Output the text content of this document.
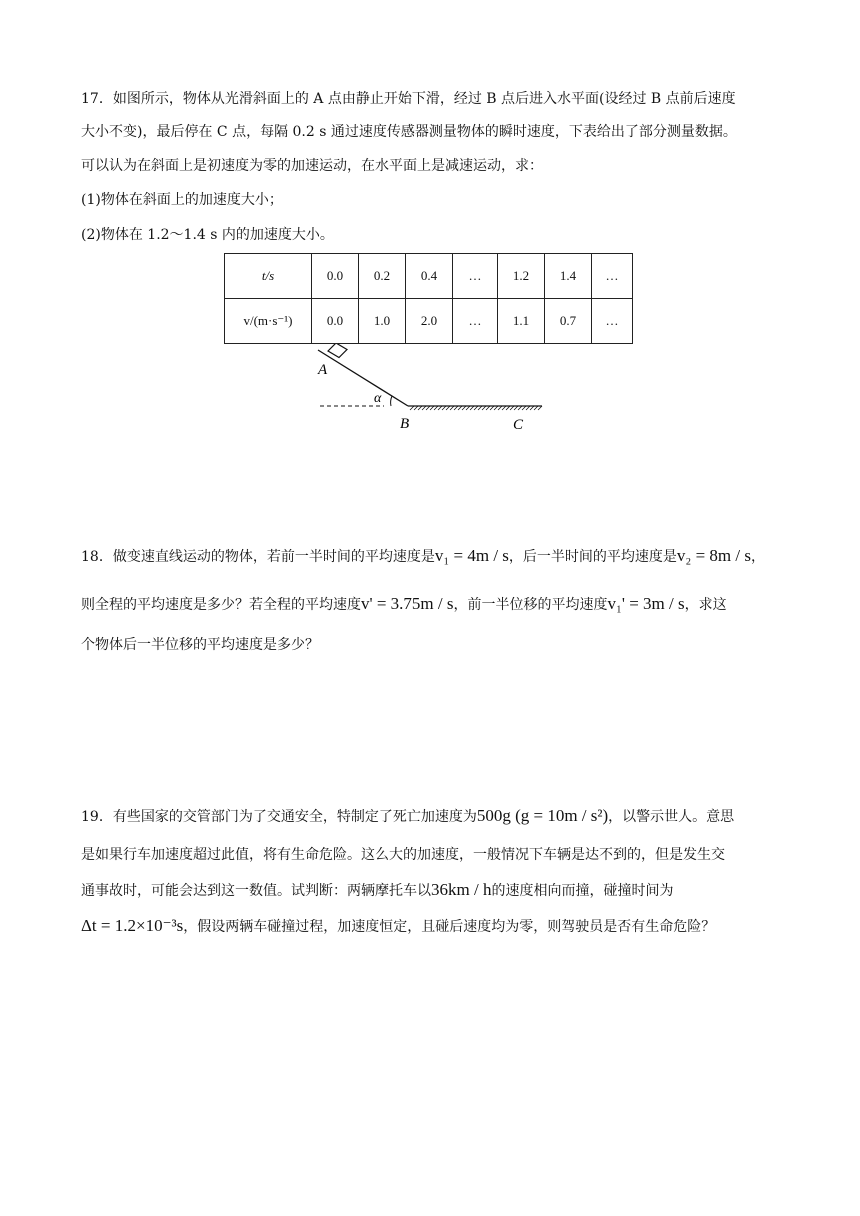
17．如图所示，物体从光滑斜面上的 A 点由静止开始下滑，经过 B 点后进入水平面(设经过 B 点前后速度
大小不变)，最后停在 C 点，每隔 0.2 s 通过速度传感器测量物体的瞬时速度，下表给出了部分测量数据。
可以认为在斜面上是初速度为零的加速运动，在水平面上是减速运动，求：
(1)物体在斜面上的加速度大小；
(2)物体在 1.2～1.4 s 内的加速度大小。
t/s	0.0	0.2	0.4	…	1.2	1.4	…
v/(m·s⁻¹)	0.0	1.0	2.0	…	1.1	0.7	…
A
α
B	C
18．做变速直线运动的物体，若前一半时间的平均速度是v₁ = 4m / s，后一半时间的平均速度是v₂ = 8m / s，
则全程的平均速度是多少？若全程的平均速度v' = 3.75m / s，前一半位移的平均速度v₁' = 3m / s，求这
个物体后一半位移的平均速度是多少？
19．有些国家的交管部门为了交通安全，特制定了死亡加速度为500g (g = 10m / s²)，以警示世人。意思
是如果行车加速度超过此值，将有生命危险。这么大的加速度，一般情况下车辆是达不到的，但是发生交
通事故时，可能会达到这一数值。试判断：两辆摩托车以36km / h的速度相向而撞，碰撞时间为
Δt = 1.2×10⁻³s，假设两辆车碰撞过程，加速度恒定，且碰后速度均为零，则驾驶员是否有生命危险？
